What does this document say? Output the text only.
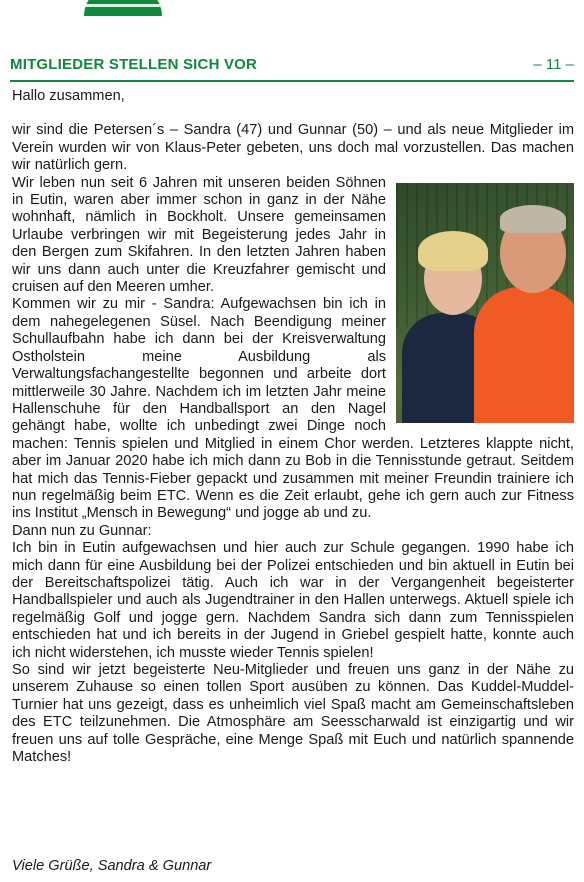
MITGLIEDER STELLEN SICH VOR	– 11 –

Hallo zusammen,

wir sind die Petersen´s – Sandra (47) und Gunnar (50) – und als neue Mitglieder im Verein wurden wir von Klaus-Peter gebeten, uns doch mal vorzustellen. Das machen wir natürlich gern.

Wir leben nun seit 6 Jahren mit unseren beiden Söhnen in Eutin, waren aber immer schon in ganz in der Nähe wohnhaft, nämlich in Bockholt. Unsere gemeinsamen Urlaube verbringen wir mit Begeisterung jedes Jahr in den Bergen zum Skifahren. In den letzten Jahren haben wir uns dann auch unter die Kreuzfahrer gemischt und cruisen auf den Meeren umher.

Kommen wir zu mir - Sandra: Aufgewachsen bin ich in dem nahegelegenen Süsel. Nach Beendigung meiner Schullaufbahn habe ich dann bei der Kreisverwaltung Ostholstein meine Ausbildung als Verwaltungsfachangestellte begonnen und arbeite dort mittlerweile 30 Jahre. Nachdem ich im letzten Jahr meine Hallenschuhe für den Handballsport an den Nagel gehängt habe, wollte ich unbedingt zwei Dinge noch machen: Tennis spielen und Mitglied in einem Chor werden. Letzteres klappte nicht, aber im Januar 2020 habe ich mich dann zu Bob in die Tennisstunde getraut. Seitdem hat mich das Tennis-Fieber gepackt und zusammen mit meiner Freundin trainiere ich nun regelmäßig beim ETC. Wenn es die Zeit erlaubt, gehe ich gern auch zur Fitness ins Institut „Mensch in Bewegung“ und jogge ab und zu.

Dann nun zu Gunnar:

Ich bin in Eutin aufgewachsen und hier auch zur Schule gegangen. 1990 habe ich mich dann für eine Ausbildung bei der Polizei entschieden und bin aktuell in Eutin bei der Bereitschaftspolizei tätig. Auch ich war in der Vergangenheit begeisterter Handballspieler und auch als Jugendtrainer in den Hallen unterwegs. Aktuell spiele ich regelmäßig Golf und jogge gern. Nachdem Sandra sich dann zum Tennisspielen entschieden hat und ich bereits in der Jugend in Griebel gespielt hatte, konnte auch ich nicht widerstehen, ich musste wieder Tennis spielen!

So sind wir jetzt begeisterte Neu-Mitglieder und freuen uns ganz in der Nähe zu unserem Zuhause so einen tollen Sport ausüben zu können. Das Kuddel-Muddel-Turnier hat uns gezeigt, dass es unheimlich viel Spaß macht am Gemeinschaftsleben des ETC teilzunehmen. Die Atmosphäre am Seesscharwald ist einzigartig und wir freuen uns auf tolle Gespräche, eine Menge Spaß mit Euch und natürlich spannende Matches!

Viele Grüße, Sandra & Gunnar
